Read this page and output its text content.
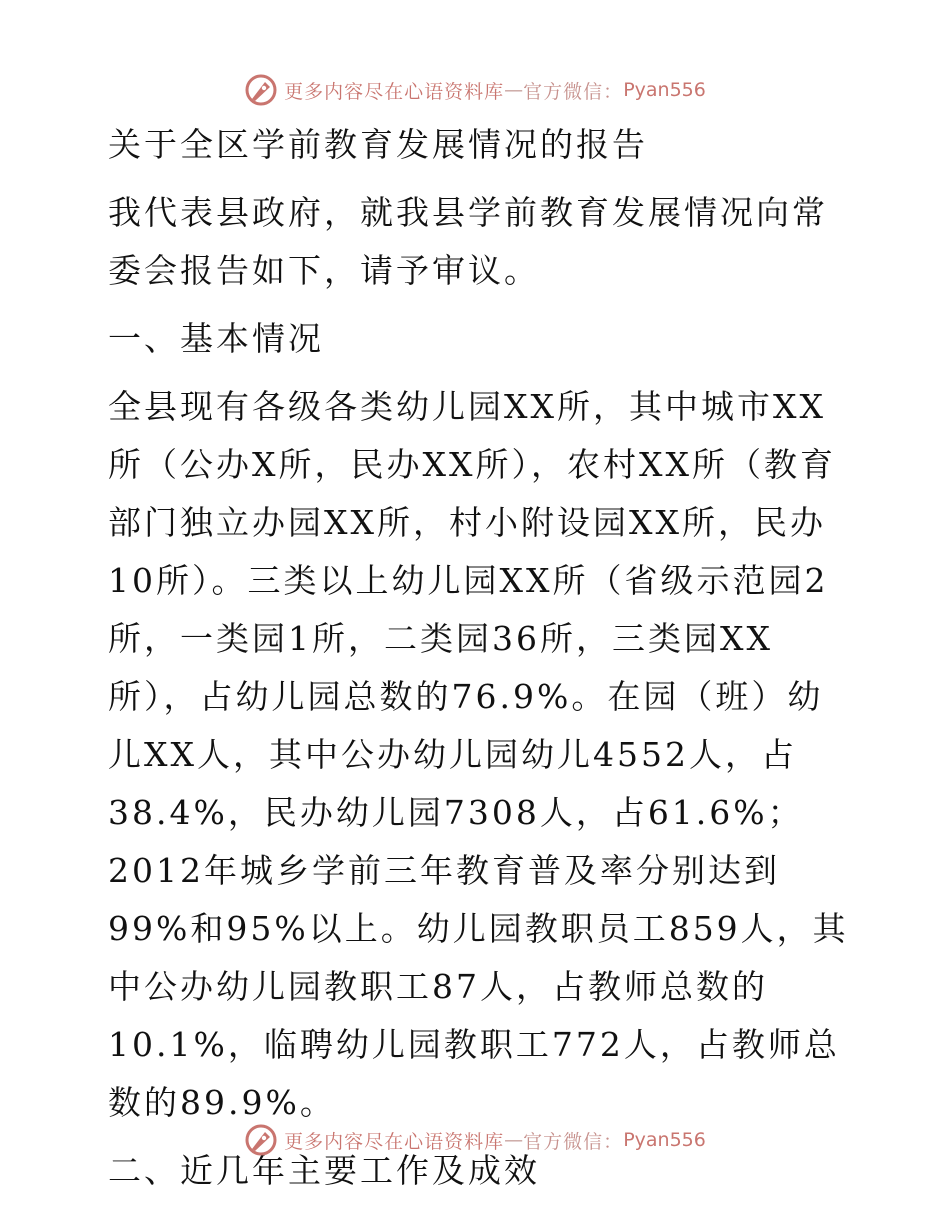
更多内容尽在心语资料库 — 官方微信： Pyan556

关于全区学前教育发展情况的报告

我代表县政府，就我县学前教育发展情况向常委会报告如下，请予审议。

一、基本情况

全县现有各级各类幼儿园XX所，其中城市XX所（公办X所，民办XX所），农村XX所（教育部门独立办园XX所，村小附设园XX所，民办10所）。三类以上幼儿园XX所（省级示范园2所，一类园1所，二类园36所，三类园XX所），占幼儿园总数的76.9%。在园（班）幼儿XX人，其中公办幼儿园幼儿4552人，占38.4%，民办幼儿园7308人，占61.6%；2012年城乡学前三年教育普及率分别达到99%和95%以上。幼儿园教职员工859人，其中公办幼儿园教职工87人，占教师总数的10.1%，临聘幼儿园教职工772人，占教师总数的89.9%。

二、近几年主要工作及成效

更多内容尽在心语资料库 — 官方微信： Pyan556
